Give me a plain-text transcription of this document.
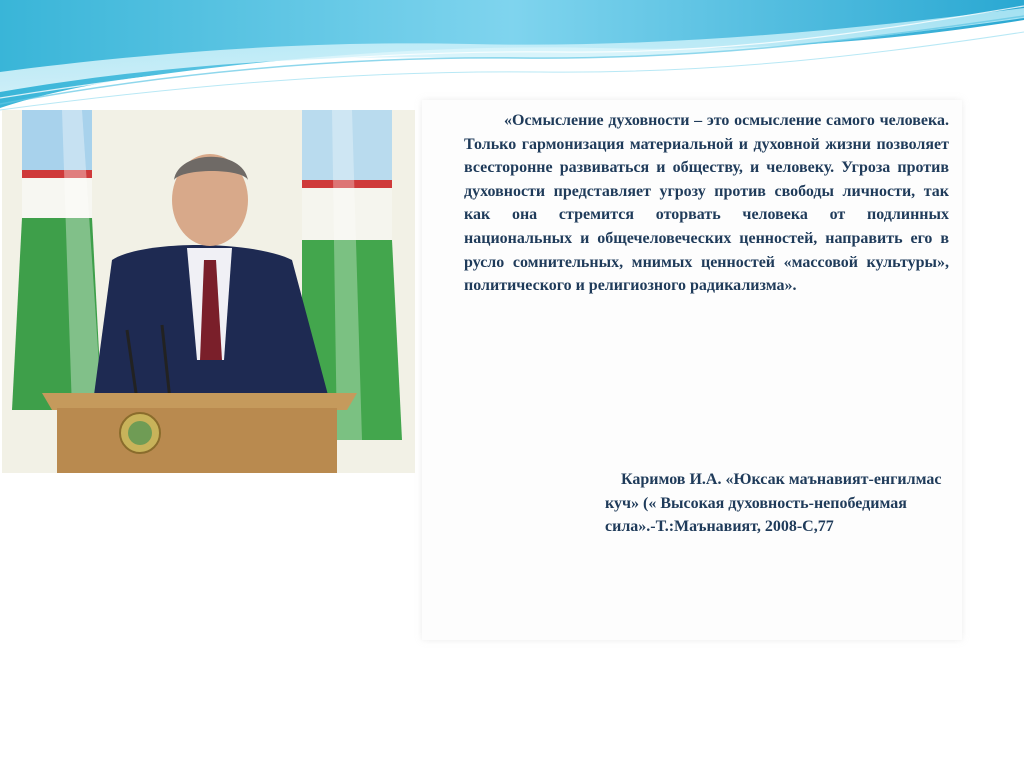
«Осмысление духовности – это осмысление самого человека. Только гармонизация материальной и духовной жизни позволяет всесторонне развиваться и обществу, и человеку. Угроза против духовности представляет угрозу против свободы личности, так как она стремится оторвать человека от подлинных национальных и общечеловеческих ценностей, направить его в русло сомнительных, мнимых ценностей «массовой культуры», политического и религиозного радикализма».

Каримов И.А. «Юксак маънавият-енгилмас куч» (« Высокая духовность-непобедимая сила».-Т.:Маънавият, 2008-С,77
